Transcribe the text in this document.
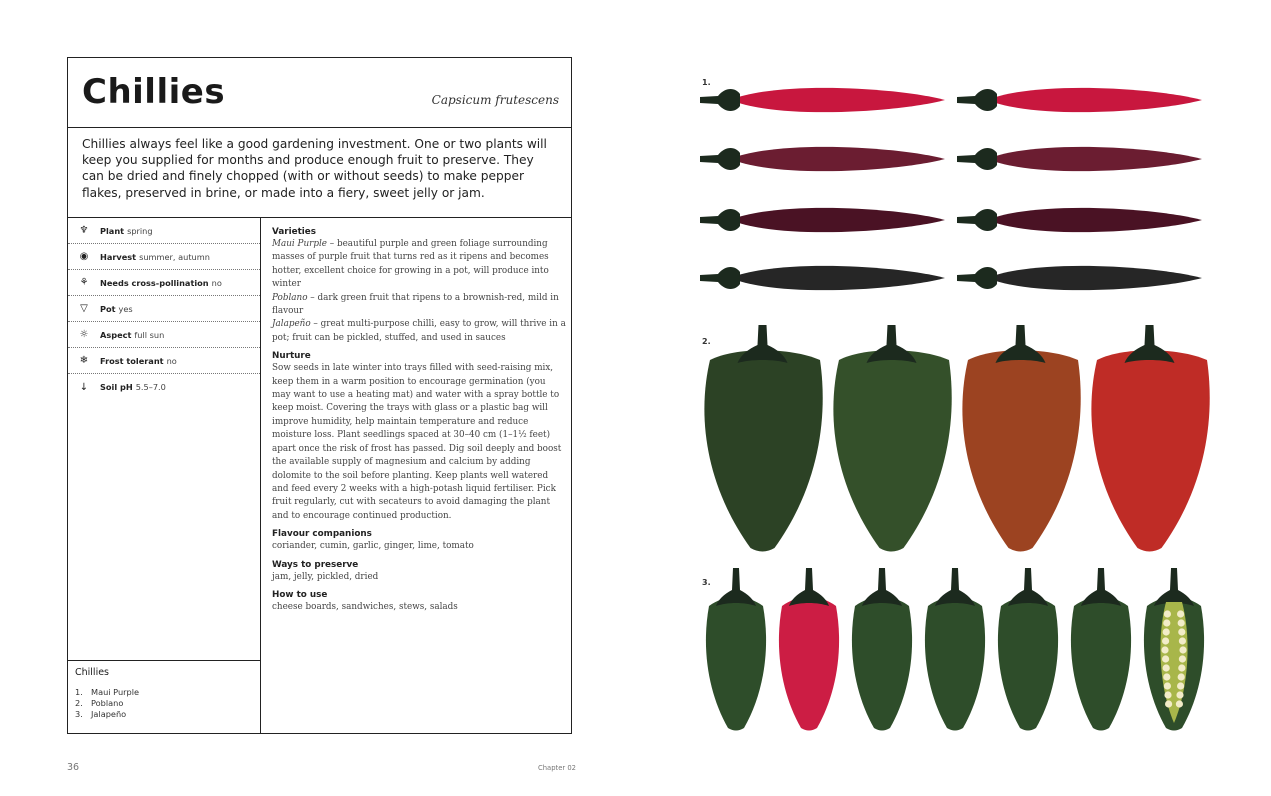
Chillies	Capsicum frutescens
Chillies always feel like a good gardening investment. One or two plants will keep you supplied for months and produce enough fruit to preserve. They can be dried and finely chopped (with or without seeds) to make pepper flakes, preserved in brine, or made into a fiery, sweet jelly or jam.
♆ Plant spring
◉ Harvest summer, autumn
⚘ Needs cross-pollination no
▽ Pot yes
☼ Aspect full sun
❄ Frost tolerant no
↓ Soil pH 5.5–7.0
Chillies
1. Maui Purple
2. Poblano
3. Jalapeño
Varieties
Maui Purple – beautiful purple and green foliage surrounding masses of purple fruit that turns red as it ripens and becomes hotter, excellent choice for growing in a pot, will produce into winter
Poblano – dark green fruit that ripens to a brownish-red, mild in flavour
Jalapeño – great multi-purpose chilli, easy to grow, will thrive in a pot; fruit can be pickled, stuffed, and used in sauces
Nurture
Sow seeds in late winter into trays filled with seed-raising mix, keep them in a warm position to encourage germination (you may want to use a heating mat) and water with a spray bottle to keep moist. Covering the trays with glass or a plastic bag will improve humidity, help maintain temperature and reduce moisture loss. Plant seedlings spaced at 30–40 cm (1–1½ feet) apart once the risk of frost has passed. Dig soil deeply and boost the available supply of magnesium and calcium by adding dolomite to the soil before planting. Keep plants well watered and feed every 2 weeks with a high-potash liquid fertiliser. Pick fruit regularly, cut with secateurs to avoid damaging the plant and to encourage continued production.
Flavour companions
coriander, cumin, garlic, ginger, lime, tomato
Ways to preserve
jam, jelly, pickled, dried
How to use
cheese boards, sandwiches, stews, salads
36	Chapter 02
1.
2.
3.
